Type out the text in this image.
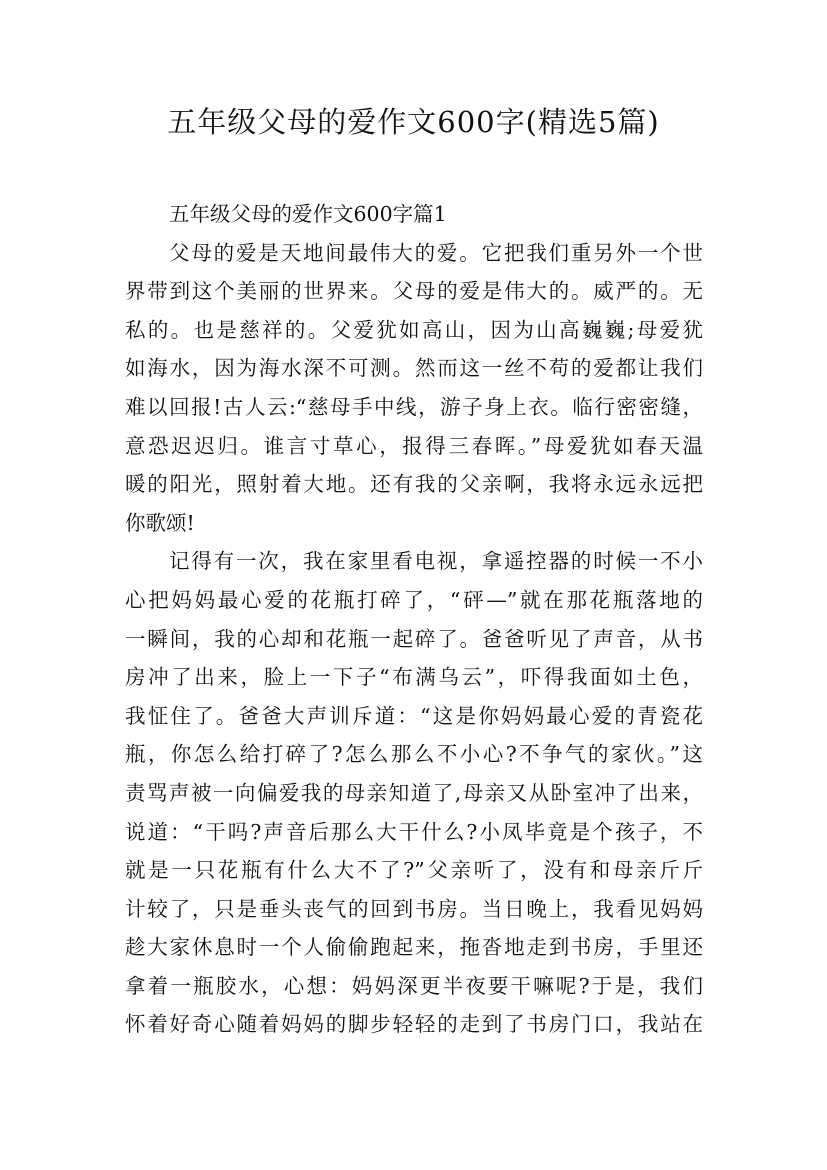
五年级父母的爱作文600字(精选5篇)
五年级父母的爱作文600字篇1
父母的爱是天地间最伟大的爱。它把我们重另外一个世
界带到这个美丽的世界来。父母的爱是伟大的。威严的。无
私的。也是慈祥的。父爱犹如高山，因为山高巍巍;母爱犹
如海水，因为海水深不可测。然而这一丝不苟的爱都让我们
难以回报!古人云:“慈母手中线，游子身上衣。临行密密缝，
意恐迟迟归。谁言寸草心，报得三春晖。”母爱犹如春天温
暖的阳光，照射着大地。还有我的父亲啊，我将永远永远把
你歌颂!
记得有一次，我在家里看电视，拿遥控器的时候一不小
心把妈妈最心爱的花瓶打碎了，“砰—”就在那花瓶落地的
一瞬间，我的心却和花瓶一起碎了。爸爸听见了声音，从书
房冲了出来，脸上一下子“布满乌云”，吓得我面如土色，
我怔住了。爸爸大声训斥道：“这是你妈妈最心爱的青瓷花
瓶，你怎么给打碎了?怎么那么不小心?不争气的家伙。”这
责骂声被一向偏爱我的母亲知道了,母亲又从卧室冲了出来，
说道：“干吗?声音后那么大干什么?小凤毕竟是个孩子，不
就是一只花瓶有什么大不了?”父亲听了，没有和母亲斤斤
计较了，只是垂头丧气的回到书房。当日晚上，我看见妈妈
趁大家休息时一个人偷偷跑起来，拖沓地走到书房，手里还
拿着一瓶胶水，心想：妈妈深更半夜要干嘛呢?于是，我们
怀着好奇心随着妈妈的脚步轻轻的走到了书房门口，我站在
